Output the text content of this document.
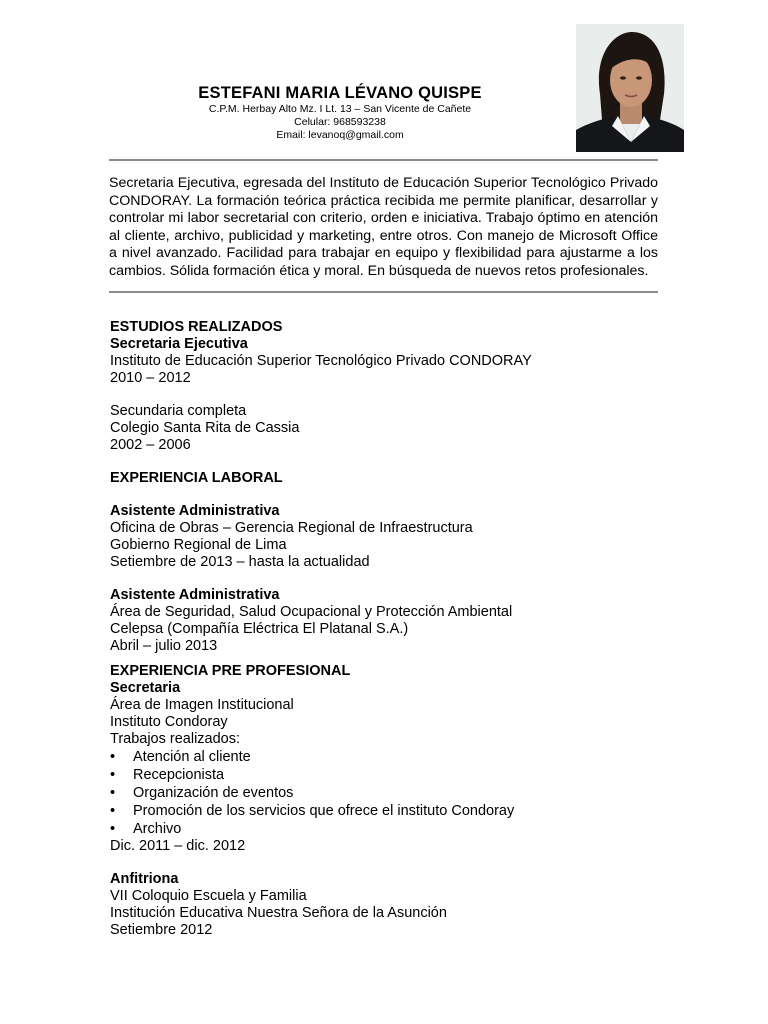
ESTEFANI MARIA LÉVANO QUISPE
C.P.M. Herbay Alto Mz. I Lt. 13 – San Vicente de Cañete
Celular: 968593238
Email: levanoq@gmail.com
Secretaria Ejecutiva, egresada del Instituto de Educación Superior Tecnológico Privado CONDORAY. La formación teórica práctica recibida me permite planificar, desarrollar y controlar mi labor secretarial con criterio, orden e iniciativa. Trabajo óptimo en atención al cliente, archivo, publicidad y marketing, entre otros. Con manejo de Microsoft Office a nivel avanzado. Facilidad para trabajar en equipo y flexibilidad para ajustarme a los cambios. Sólida formación ética y moral. En búsqueda de nuevos retos profesionales.
ESTUDIOS REALIZADOS
Secretaria Ejecutiva
Instituto de Educación Superior Tecnológico Privado CONDORAY
2010 – 2012
Secundaria completa
Colegio Santa Rita de Cassia
2002 – 2006
EXPERIENCIA LABORAL
Asistente Administrativa
Oficina de Obras – Gerencia Regional de Infraestructura
Gobierno Regional de Lima
Setiembre de 2013 – hasta la actualidad
Asistente Administrativa
Área de Seguridad, Salud Ocupacional y Protección Ambiental
Celepsa (Compañía Eléctrica El Platanal S.A.)
Abril – julio 2013
EXPERIENCIA PRE PROFESIONAL
Secretaria
Área de Imagen Institucional
Instituto Condoray
Trabajos realizados:
• Atención al cliente
• Recepcionista
• Organización de eventos
• Promoción de los servicios que ofrece el instituto Condoray
• Archivo
Dic. 2011 – dic. 2012
Anfitriona
VII Coloquio Escuela y Familia
Institución Educativa Nuestra Señora de la Asunción
Setiembre 2012
